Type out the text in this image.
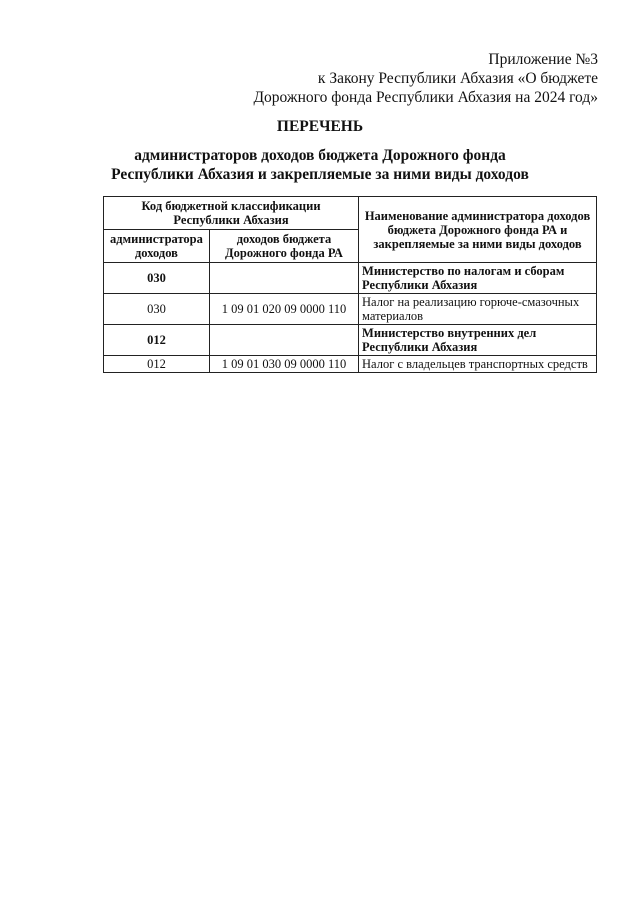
Приложение №3
к Закону Республики Абхазия «О бюджете
Дорожного фонда Республики Абхазия на 2024 год»
ПЕРЕЧЕНЬ
администраторов доходов бюджета Дорожного фонда
Республики Абхазия и закрепляемые за ними виды доходов
Код бюджетной классификации Республики Абхазия		Наименование администратора доходов бюджета Дорожного фонда РА и закрепляемые за ними виды доходов
администратора доходов	доходов бюджета Дорожного фонда РА	
030		Министерство по налогам и сборам Республики Абхазия
030	1 09 01 020 09 0000 110	Налог на реализацию горюче-смазочных материалов
012		Министерство внутренних дел Республики Абхазия
012	1 09 01 030 09 0000 110	Налог с владельцев транспортных средств
